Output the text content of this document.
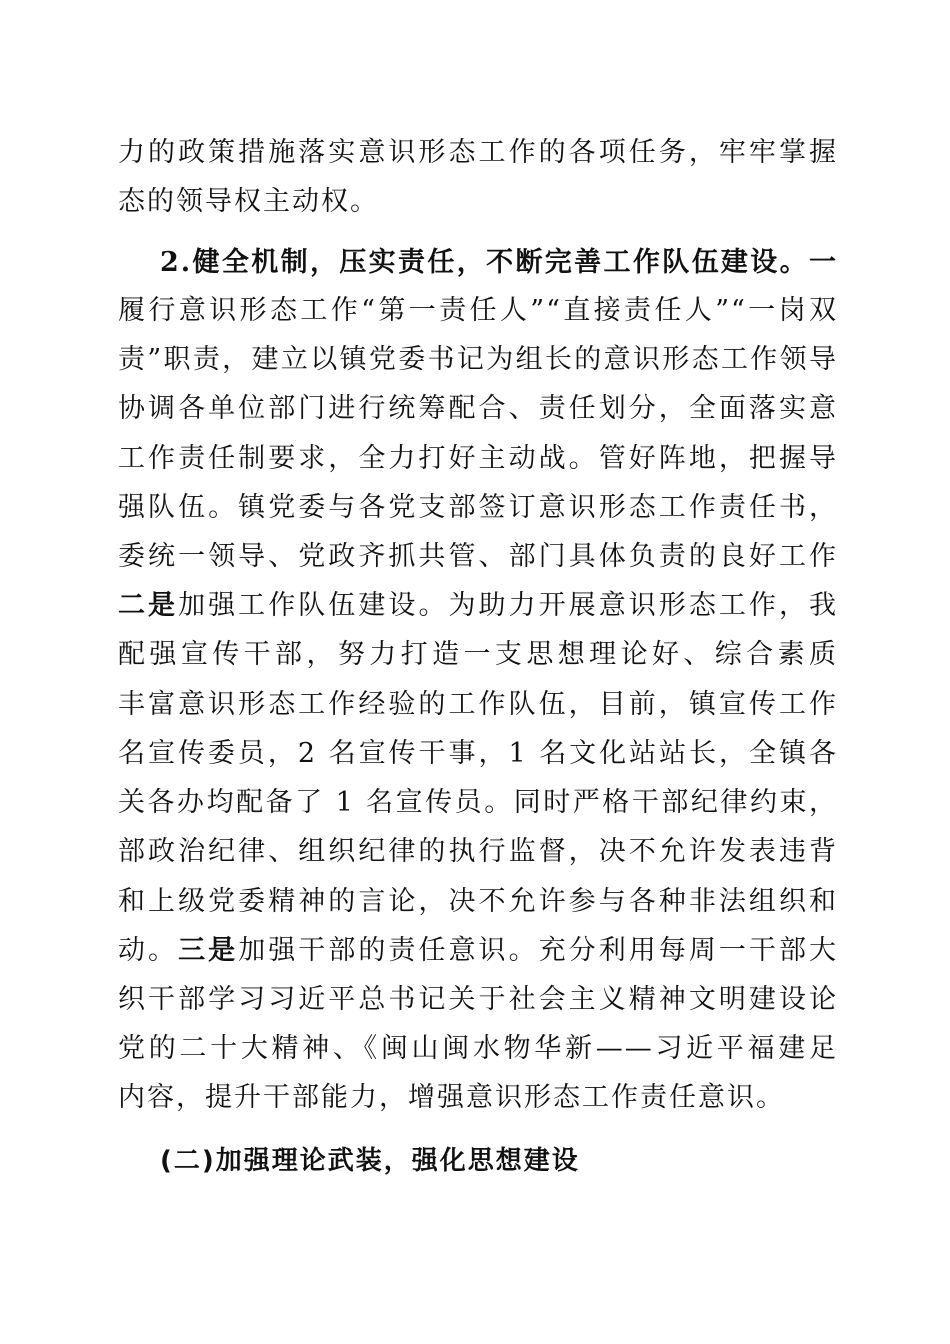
力的政策措施落实意识形态工作的各项任务，牢牢掌握
态的领导权主动权。
2.健全机制，压实责任，不断完善工作队伍建设。一
履行意识形态工作“第一责任人”“直接责任人”“一岗双
责”职责，建立以镇党委书记为组长的意识形态工作领导
协调各单位部门进行统筹配合、责任划分，全面落实意
工作责任制要求，全力打好主动战。管好阵地，把握导
强队伍。镇党委与各党支部签订意识形态工作责任书，
委统一领导、党政齐抓共管、部门具体负责的良好工作
二是加强工作队伍建设。为助力开展意识形态工作，我
配强宣传干部，努力打造一支思想理论好、综合素质
丰富意识形态工作经验的工作队伍，目前，镇宣传工作
名宣传委员，2 名宣传干事，1 名文化站站长，全镇各
关各办均配备了 1 名宣传员。同时严格干部纪律约束，
部政治纪律、组织纪律的执行监督，决不允许发表违背
和上级党委精神的言论，决不允许参与各种非法组织和
动。三是加强干部的责任意识。充分利用每周一干部大
织干部学习习近平总书记关于社会主义精神文明建设论
党的二十大精神、《闽山闽水物华新——习近平福建足
内容，提升干部能力，增强意识形态工作责任意识。
(二)加强理论武装，强化思想建设
